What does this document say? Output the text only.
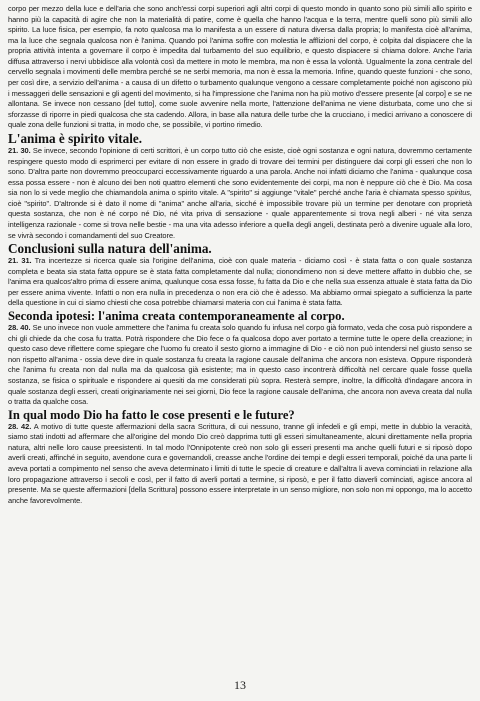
corpo per mezzo della luce e dell'aria che sono anch'essi corpi superiori agli altri corpi di questo mondo in quanto sono più simili allo spirito e hanno più la capacità di agire che non la materialità di patire, come è quella che hanno l'acqua e la terra, mentre quelli sono più simili allo spirito. La luce fisica, per esempio, fa noto qualcosa ma lo manifesta a un essere di natura diversa dalla propria; lo manifesta cioè all'anima, ma la luce che segnala qualcosa non è l'anima. Quando poi l'anima soffre con molestia le afflizioni del corpo, è colpita dal dispiacere che la propria attività intenta a governare il corpo è impedita dal turbamento del suo equilibrio, e questo dispiacere si chiama dolore. Anche l'aria diffusa attraverso i nervi ubbidisce alla volontà così da mettere in moto le membra, ma non è essa la volontà. Ugualmente la zona centrale del cervello segnala i movimenti delle membra perché se ne serbi memoria, ma non è essa la memoria. Infine, quando queste funzioni - che sono, per così dire, a servizio dell'anima - a causa di un difetto o turbamento qualunque vengono a cessare completamente poiché non agiscono più i messaggeri delle sensazioni e gli agenti del movimento, si ha l'impressione che l'anima non ha più motivo d'essere presente [al corpo] e se ne allontana. Se invece non cessano [del tutto], come suole avvenire nella morte, l'attenzione dell'anima ne viene disturbata, come uno che si sforzasse di riporre in piedi qualcosa che sta cadendo. Allora, in base alla natura delle turbe che la crucciano, i medici arrivano a conoscere di quale zona delle funzioni si tratta, in modo che, se possibile, vi portino rimedio.

L'anima è spirito vitale.

21. 30. Se invece, secondo l'opinione di certi scrittori, è un corpo tutto ciò che esiste, cioè ogni sostanza e ogni natura, dovremmo certamente respingere questo modo di esprimerci per evitare di non essere in grado di trovare dei termini per distinguere dai corpi gli esseri che non lo sono. D'altra parte non dovremmo preoccuparci eccessivamente riguardo a una parola. Anche noi infatti diciamo che l'anima - qualunque cosa essa possa essere - non è alcuno dei ben noti quattro elementi che sono evidentemente dei corpi, ma non è neppure ciò che è Dio. Ma cosa sia non lo si vede meglio che chiamandola anima o spirito vitale. A "spirito" si aggiunge "vitale" perché anche l'aria è chiamata spesso spiritus, cioè "spirito". D'altronde si è dato il nome di "anima" anche all'aria, sicché è impossibile trovare più un termine per denotare con proprietà questa sostanza, che non è né corpo né Dio, né vita priva di sensazione - quale apparentemente si trova negli alberi - né vita senza intelligenza razionale - come si trova nelle bestie - ma una vita adesso inferiore a quella degli angeli, destinata però a divenire uguale alla loro, se vivrà secondo i comandamenti del suo Creatore.

Conclusioni sulla natura dell'anima.

21. 31. Tra incertezze si ricerca quale sia l'origine dell'anima, cioè con quale materia - diciamo così - è stata fatta o con quale sostanza completa e beata sia stata fatta oppure se è stata fatta completamente dal nulla; cionondimeno non si deve mettere affatto in dubbio che, se l'anima era qualcos'altro prima di essere anima, qualunque cosa essa fosse, fu fatta da Dio e che nella sua essenza attuale è stata fatta da Dio per essere anima vivente. Infatti o non era nulla in precedenza o non era ciò che è adesso. Ma abbiamo ormai spiegato a sufficienza la parte della questione in cui ci siamo chiesti che cosa potrebbe chiamarsi materia con cui l'anima è stata fatta.

Seconda ipotesi: l'anima creata contemporaneamente al corpo.

28. 40. Se uno invece non vuole ammettere che l'anima fu creata solo quando fu infusa nel corpo già formato, veda che cosa può rispondere a chi gli chiede da che cosa fu tratta. Potrà rispondere che Dio fece o fa qualcosa dopo aver portato a termine tutte le opere della creazione; in questo caso deve riflettere come spiegare che l'uomo fu creato il sesto giorno a immagine di Dio - e ciò non può intendersi nel giusto senso se non rispetto all'anima - ossia deve dire in quale sostanza fu creata la ragione causale dell'anima che ancora non esisteva. Oppure risponderà che l'anima fu creata non dal nulla ma da qualcosa già esistente; ma in questo caso incontrerà difficoltà nel cercare quale fosse quella sostanza, se fisica o spirituale e rispondere ai quesiti da me considerati più sopra. Resterà sempre, inoltre, la difficoltà d'indagare ancora in quale sostanza degli esseri, creati originariamente nei sei giorni, Dio fece la ragione causale dell'anima, che ancora non aveva creata dal nulla o tratta da qualche cosa.

In qual modo Dio ha fatto le cose presenti e le future?

28. 42. A motivo di tutte queste affermazioni della sacra Scrittura, di cui nessuno, tranne gli infedeli e gli empi, mette in dubbio la veracità, siamo stati indotti ad affermare che all'origine del mondo Dio creò dapprima tutti gli esseri simultaneamente, alcuni direttamente nella propria natura, altri nelle loro cause preesistenti. In tal modo l'Onnipotente creò non solo gli esseri presenti ma anche quelli futuri e si riposò dopo averli creati, affinché in seguito, avendone cura e governandoli, creasse anche l'ordine dei tempi e degli esseri temporali, poiché da una parte li aveva portati a compimento nel senso che aveva determinato i limiti di tutte le specie di creature e dall'altra li aveva cominciati in relazione alla loro propagazione attraverso i secoli e così, per il fatto di averli portati a termine, si riposò, e per il fatto diaverli cominciati, agisce ancora al presente. Ma se queste affermazioni [della Scrittura] possono essere interpretate in un senso migliore, non solo non mi oppongo, ma lo accetto anche favorevolmente.

13
